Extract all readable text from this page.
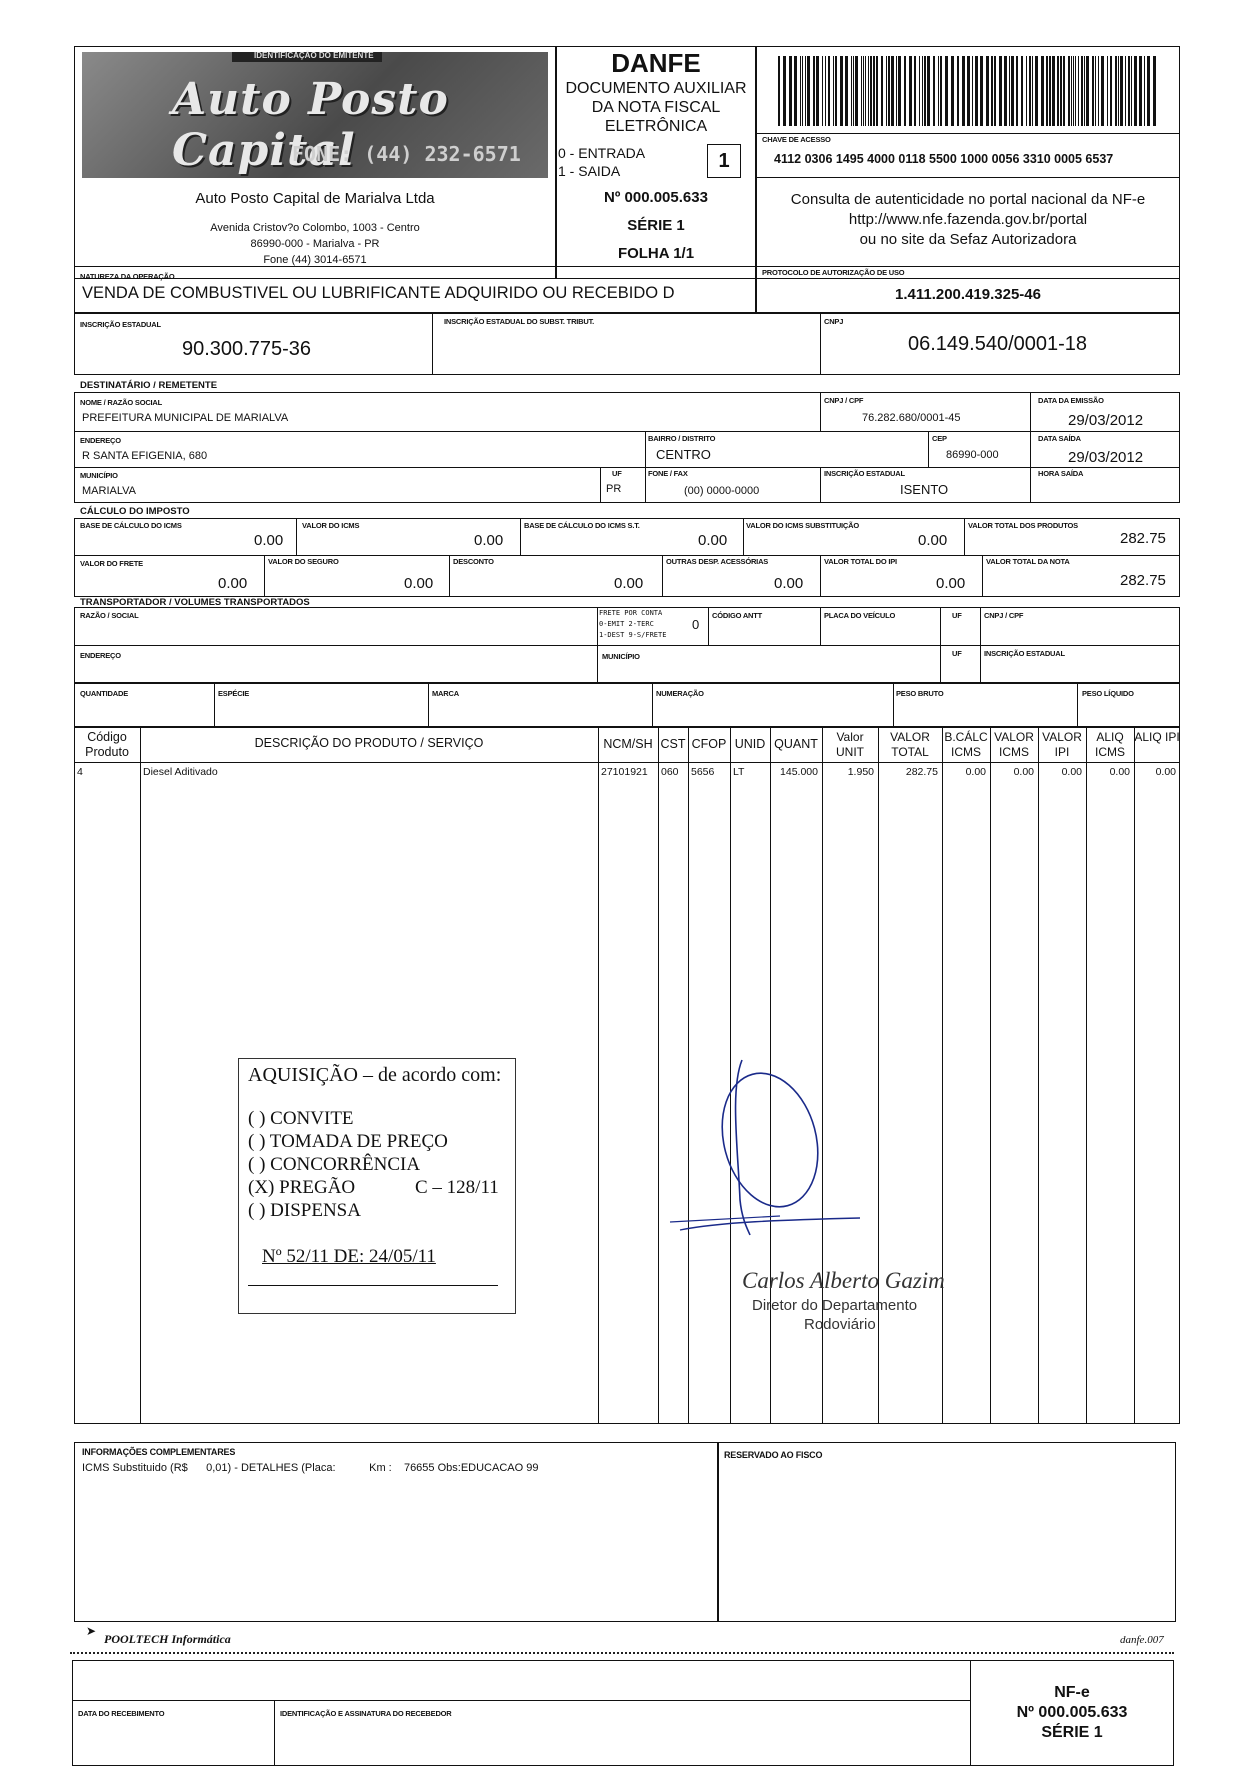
IDENTIFICAÇÃO DO EMITENTE
Auto Posto Capital
FONE: (44) 232-6571
Auto Posto Capital de Marialva Ltda
Avenida Cristov?o Colombo, 1003 - Centro
86990-000 - Marialva - PR
Fone (44) 3014-6571
DANFE
DOCUMENTO AUXILIAR
DA NOTA FISCAL
ELETRÔNICA
0 - ENTRADA
1 - SAIDA	1
Nº 000.005.633
SÉRIE 1
FOLHA 1/1
CHAVE DE ACESSO
4112 0306 1495 4000 0118 5500 1000 0056 3310 0005 6537
Consulta de autenticidade no portal nacional da NF-e
http://www.nfe.fazenda.gov.br/portal
ou no site da Sefaz Autorizadora
NATUREZA DA OPERAÇÃO
VENDA DE COMBUSTIVEL OU LUBRIFICANTE ADQUIRIDO OU RECEBIDO D
PROTOCOLO DE AUTORIZAÇÃO DE USO
1.411.200.419.325-46
INSCRIÇÃO ESTADUAL
90.300.775-36
INSCRIÇÃO ESTADUAL DO SUBST. TRIBUT.	CNPJ
06.149.540/0001-18
DESTINATÁRIO / REMETENTE
NOME / RAZÃO SOCIAL
PREFEITURA MUNICIPAL DE MARIALVA
CNPJ / CPF
76.282.680/0001-45
DATA DA EMISSÃO
29/03/2012
ENDEREÇO
R SANTA EFIGENIA, 680
BAIRRO / DISTRITO
CENTRO
CEP
86990-000
DATA SAÍDA
29/03/2012
MUNICÍPIO
MARIALVA
UF
PR
FONE / FAX
(00) 0000-0000
INSCRIÇÃO ESTADUAL
ISENTO
HORA SAÍDA
CÁLCULO DO IMPOSTO
BASE DE CÁLCULO DO ICMS
0.00
VALOR DO ICMS
0.00
BASE DE CÁLCULO DO ICMS S.T.
0.00
VALOR DO ICMS SUBSTITUIÇÃO
0.00
VALOR TOTAL DOS PRODUTOS
282.75
VALOR DO FRETE
0.00
VALOR DO SEGURO
0.00
DESCONTO
0.00
OUTRAS DESP. ACESSÓRIAS
0.00
VALOR TOTAL DO IPI
0.00
VALOR TOTAL DA NOTA
282.75
TRANSPORTADOR / VOLUMES TRANSPORTADOS
RAZÃO / SOCIAL	FRETE POR CONTA
0-EMIT 2-TERC
1-DEST 9-S/FRETE
0
CÓDIGO ANTT	PLACA DO VEÍCULO	UF	CNPJ / CPF
ENDEREÇO	MUNICÍPIO	UF	INSCRIÇÃO ESTADUAL
QUANTIDADE	ESPÉCIE	MARCA	NUMERAÇÃO	PESO BRUTO	PESO LÍQUIDO
Código Produto
DESCRIÇÃO DO PRODUTO / SERVIÇO	NCM/SH CST CFOP UNID QUANT	Valor UNIT
VALOR TOTAL
B.CÁLC ICMS
VALOR ICMS
VALOR IPI
ALIQ ICMS
ALIQ IPI
4	Diesel Aditivado	27101921 060 5656 LT	145.000	1.950	282.75	0.00	0.00	0.00	0.00	0.00
AQUISIÇÃO – de acordo com:
( ) CONVITE
( ) TOMADA DE PREÇO
( ) CONCORRÊNCIA
(X) PREGÃO	C – 128/11
( ) DISPENSA
Nº 52/11 DE: 24/05/11
Carlos Alberto Gazim
Diretor do Departamento
Rodoviário
INFORMAÇÕES COMPLEMENTARES
ICMS Substituido (R$      0,01) - DETALHES (Placa:           Km :    76655 Obs:EDUCACAO 99
RESERVADO AO FISCO
➤
POOLTECH Informática	danfe.007
DATA DO RECEBIMENTO	IDENTIFICAÇÃO E ASSINATURA DO RECEBEDOR
NF-e
Nº 000.005.633
SÉRIE 1
